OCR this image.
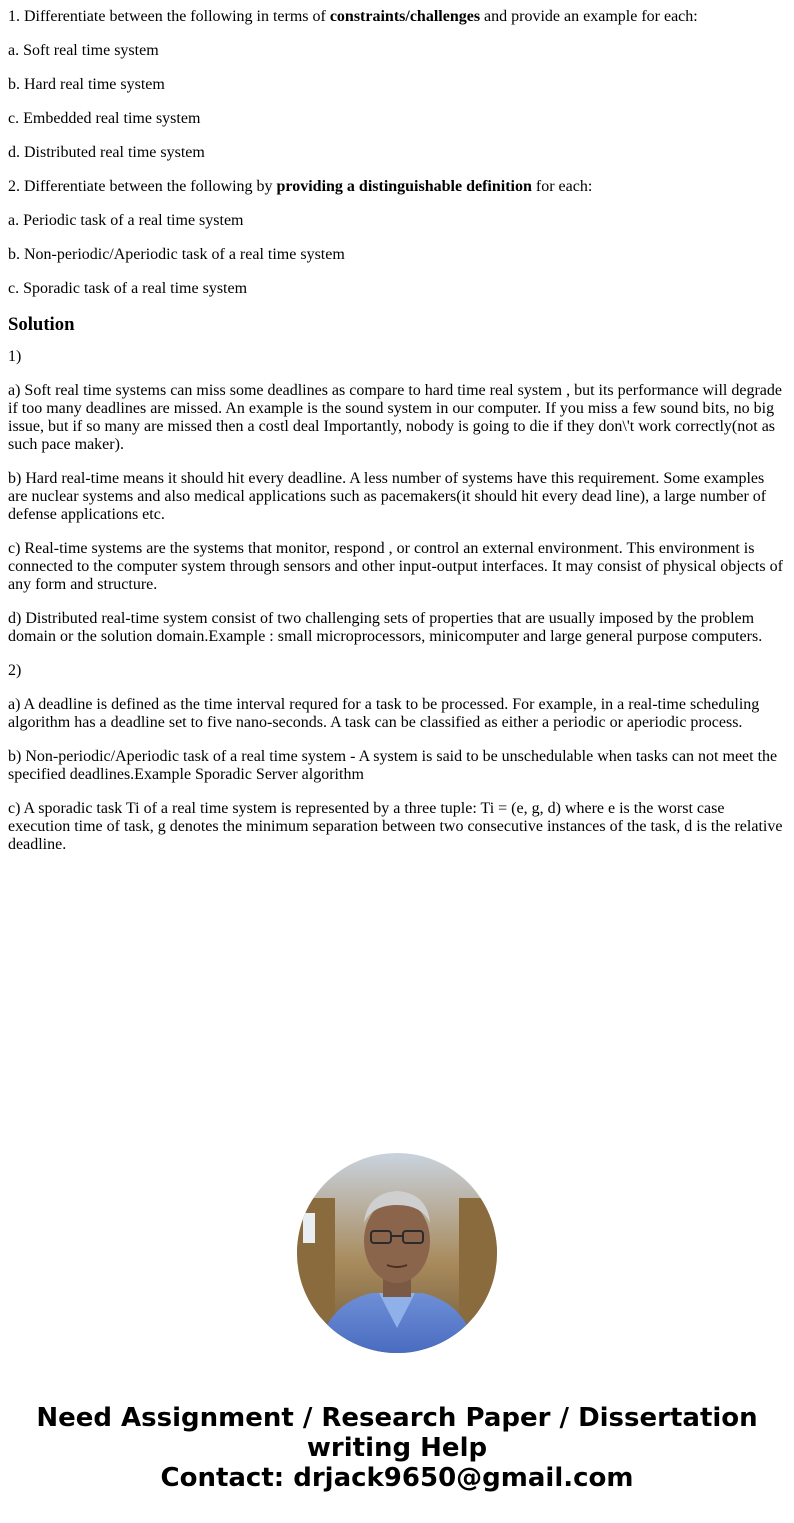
1. Differentiate between the following in terms of constraints/challenges and provide an example for each:

a. Soft real time system

b. Hard real time system

c. Embedded real time system

d. Distributed real time system

2. Differentiate between the following by providing a distinguishable definition for each:

a. Periodic task of a real time system

b. Non-periodic/Aperiodic task of a real time system

c. Sporadic task of a real time system

Solution

1)

a) Soft real time systems can miss some deadlines as compare to hard time real system , but its performance will degrade if too many deadlines are missed. An example is the sound system in our computer. If you miss a few sound bits, no big issue, but if so many are missed then a costl deal Importantly, nobody is going to die if they don\'t work correctly(not as such pace maker).

b) Hard real-time means it should hit every deadline. A less number of systems have this requirement. Some examples are nuclear systems and also medical applications such as pacemakers(it should hit every dead line), a large number of defense applications etc.

c) Real-time systems are the systems that monitor, respond , or control an external environment. This environment is connected to the computer system through sensors and other input-output interfaces. It may consist of physical objects of any form and structure.

d) Distributed real-time system consist of two challenging sets of properties that are usually imposed by the problem domain or the solution domain.Example : small microprocessors, minicomputer and large general purpose computers.

2)

a) A deadline is defined as the time interval requred for a task to be processed. For example, in a real-time scheduling algorithm has a deadline set to five nano-seconds. A task can be classified as either a periodic or aperiodic process.

b) Non-periodic/Aperiodic task of a real time system - A system is said to be unschedulable when tasks can not meet the specified deadlines.Example Sporadic Server algorithm

c) A sporadic task Ti of a real time system is represented by a three tuple: Ti = (e, g, d) where e is the worst case execution time of task, g denotes the minimum separation between two consecutive instances of the task, d is the relative deadline.

Need Assignment / Research Paper / Dissertation
writing Help
Contact: drjack9650@gmail.com
